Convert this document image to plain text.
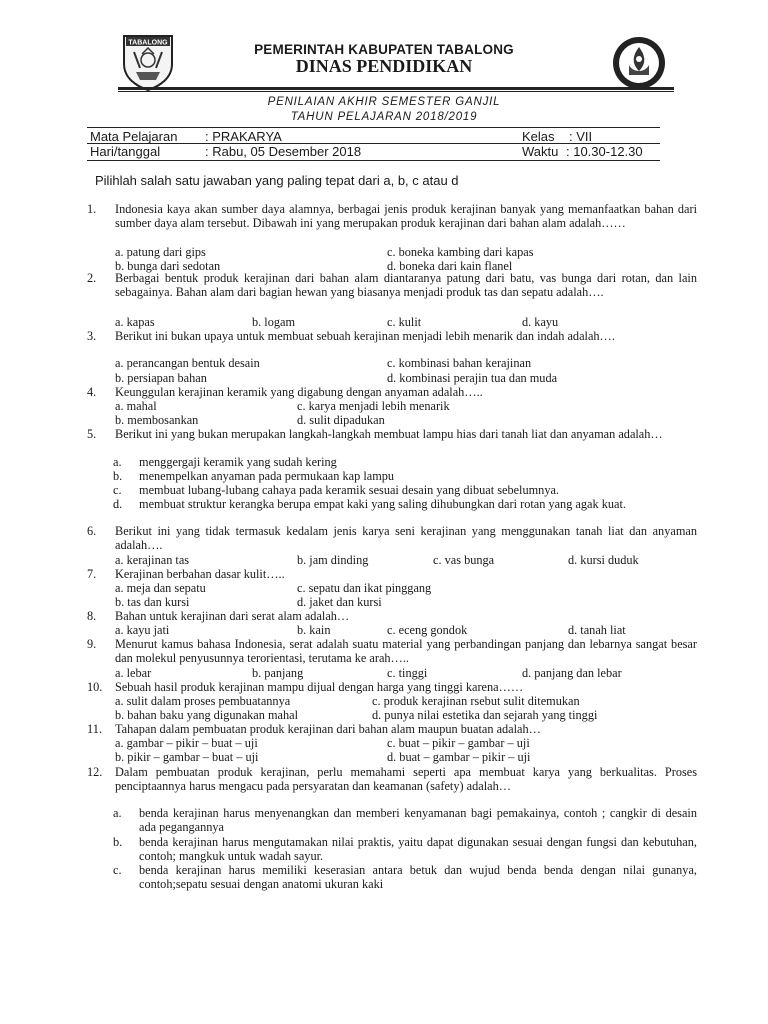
TABALONG	PEMERINTAH KABUPATEN TABALONG
DINAS PENDIDIKAN
PENILAIAN AKHIR SEMESTER GANJIL
TAHUN PELAJARAN 2018/2019
Mata Pelajaran : PRAKARYA	Kelas : VII
Hari/tanggal	: Rabu, 05 Desember 2018	Waktu : 10.30-12.30
Pilihlah salah satu jawaban yang paling tepat dari a, b, c atau d
1. Indonesia kaya akan sumber daya alamnya, berbagai jenis produk kerajinan banyak yang memanfaatkan bahan dari sumber daya alam tersebut. Dibawah ini yang merupakan produk kerajinan dari bahan alam adalah……
a. patung dari gips	c. boneka kambing dari kapas
b. bunga dari sedotan	d. boneka dari kain flanel
2. Berbagai bentuk produk kerajinan dari bahan alam diantaranya patung dari batu, vas bunga dari rotan, dan lain sebagainya. Bahan alam dari bagian hewan yang biasanya menjadi produk tas dan sepatu adalah….
a. kapas	b. logam	c. kulit	d. kayu
3. Berikut ini bukan upaya untuk membuat sebuah kerajinan menjadi lebih menarik dan indah adalah….
a. perancangan bentuk desain	c. kombinasi bahan kerajinan
b. persiapan bahan	d. kombinasi perajin tua dan muda
4. Keunggulan kerajinan keramik yang digabung dengan anyaman adalah…..
a. mahal	c. karya menjadi lebih menarik
b. membosankan	d. sulit dipadukan
5. Berikut ini yang bukan merupakan langkah-langkah membuat lampu hias dari tanah liat dan anyaman adalah…
a. menggergaji keramik yang sudah kering
b. menempelkan anyaman pada permukaan kap lampu
c. membuat lubang-lubang cahaya pada keramik sesuai desain yang dibuat sebelumnya.
d. membuat struktur kerangka berupa empat kaki yang saling dihubungkan dari rotan yang agak kuat.
6. Berikut ini yang tidak termasuk kedalam jenis karya seni kerajinan yang menggunakan tanah liat dan anyaman adalah….
a. kerajinan tas	b. jam dinding	c. vas bunga	d. kursi duduk
7. Kerajinan berbahan dasar kulit…..
a. meja dan sepatu	c. sepatu dan ikat pinggang
b. tas dan kursi	d. jaket dan kursi
8. Bahan untuk kerajinan dari serat alam adalah…
a. kayu jati	b. kain	c. eceng gondok	d. tanah liat
9. Menurut kamus bahasa Indonesia, serat adalah suatu material yang perbandingan panjang dan lebarnya sangat besar dan molekul penyusunnya terorientasi, terutama ke arah…..
a. lebar	b. panjang	c. tinggi	d. panjang dan lebar
10. Sebuah hasil produk kerajinan mampu dijual dengan harga yang tinggi karena……
a. sulit dalam proses pembuatannya	c. produk kerajinan rsebut sulit ditemukan
b. bahan baku yang digunakan mahal	d. punya nilai estetika dan sejarah yang tinggi
11. Tahapan dalam pembuatan produk kerajinan dari bahan alam maupun buatan adalah…
a. gambar – pikir – buat – uji	c. buat – pikir – gambar – uji
b. pikir – gambar – buat – uji	d. buat – gambar – pikir – uji
12. Dalam pembuatan produk kerajinan, perlu memahami seperti apa membuat karya yang berkualitas. Proses penciptaannya harus mengacu pada persyaratan dan keamanan (safety) adalah…
a. benda kerajinan harus menyenangkan dan memberi kenyamanan bagi pemakainya, contoh ; cangkir di desain ada pegangannya
b. benda kerajinan harus mengutamakan nilai praktis, yaitu dapat digunakan sesuai dengan fungsi dan kebutuhan, contoh; mangkuk untuk wadah sayur.
c. benda kerajinan harus memiliki keserasian antara betuk dan wujud benda benda dengan nilai gunanya, contoh;sepatu sesuai dengan anatomi ukuran kaki
